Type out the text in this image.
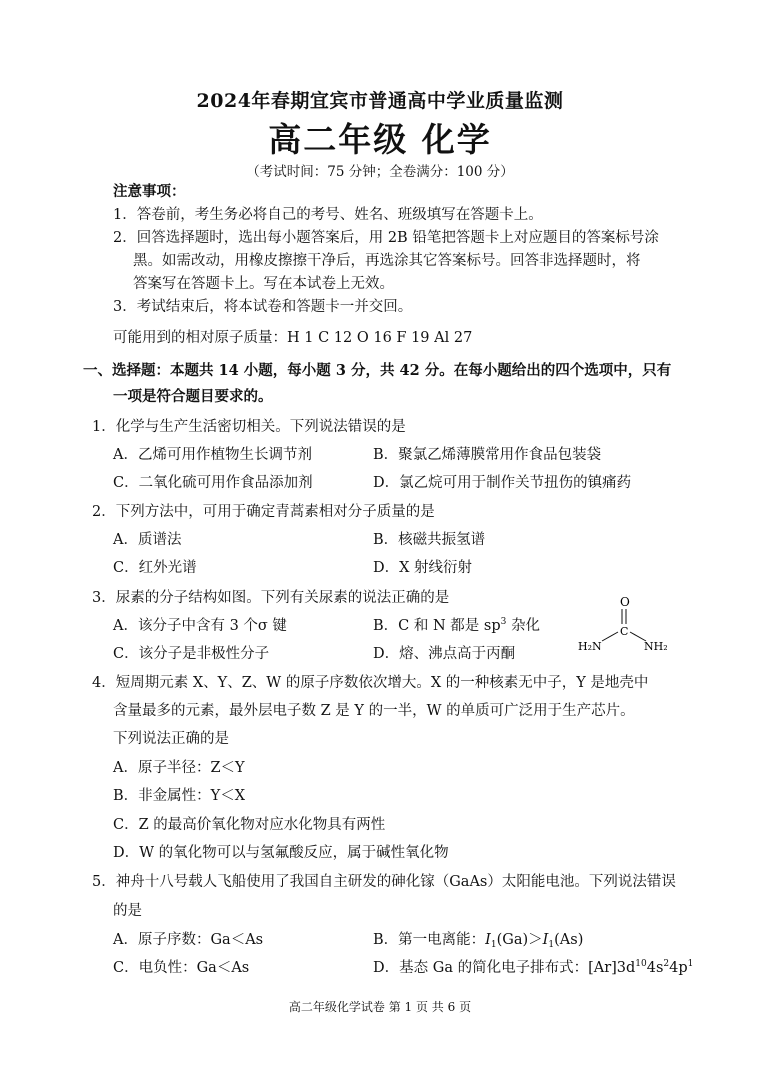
2024年春期宜宾市普通高中学业质量监测
高二年级 化学
（考试时间：75 分钟；全卷满分：100 分）
注意事项：
1．答卷前，考生务必将自己的考号、姓名、班级填写在答题卡上。
2．回答选择题时，选出每小题答案后，用 2B 铅笔把答题卡上对应题目的答案标号涂
黑。如需改动，用橡皮擦擦干净后，再选涂其它答案标号。回答非选择题时，将
答案写在答题卡上。写在本试卷上无效。
3．考试结束后，将本试卷和答题卡一并交回。
可能用到的相对原子质量：H 1 C 12 O 16 F 19 Al 27
一、选择题：本题共 14 小题，每小题 3 分，共 42 分。在每小题给出的四个选项中，只有
一项是符合题目要求的。
1．化学与生产生活密切相关。下列说法错误的是
A．乙烯可用作植物生长调节剂	B．聚氯乙烯薄膜常用作食品包装袋
C．二氧化硫可用作食品添加剂	D．氯乙烷可用于制作关节扭伤的镇痛药
2．下列方法中，可用于确定青蒿素相对分子质量的是
A．质谱法	B．核磁共振氢谱
C．红外光谱	D．X 射线衍射
3．尿素的分子结构如图。下列有关尿素的说法正确的是
A．该分子中含有 3 个σ 键	B．C 和 N 都是 $sp^3$ 杂化
C．该分子是非极性分子	D．熔、沸点高于丙酮
O
C
H₂N	NH₂
4．短周期元素 X、Y、Z、W 的原子序数依次增大。X 的一种核素无中子，Y 是地壳中
含量最多的元素，最外层电子数 Z 是 Y 的一半，W 的单质可广泛用于生产芯片。
下列说法正确的是
A．原子半径：Z＜Y
B．非金属性：Y＜X
C．Z 的最高价氧化物对应水化物具有两性
D．W 的氧化物可以与氢氟酸反应，属于碱性氧化物
5．神舟十八号载人飞船使用了我国自主研发的砷化镓（GaAs）太阳能电池。下列说法错误
的是
A．原子序数：Ga＜As	B．第一电离能：$I_1(Ga)>I_1(As)$
C．电负性：Ga＜As	D．基态 Ga 的简化电子排布式：$[Ar]3d^{10}4s^24p^1$
高二年级化学试卷 第 1 页 共 6 页
